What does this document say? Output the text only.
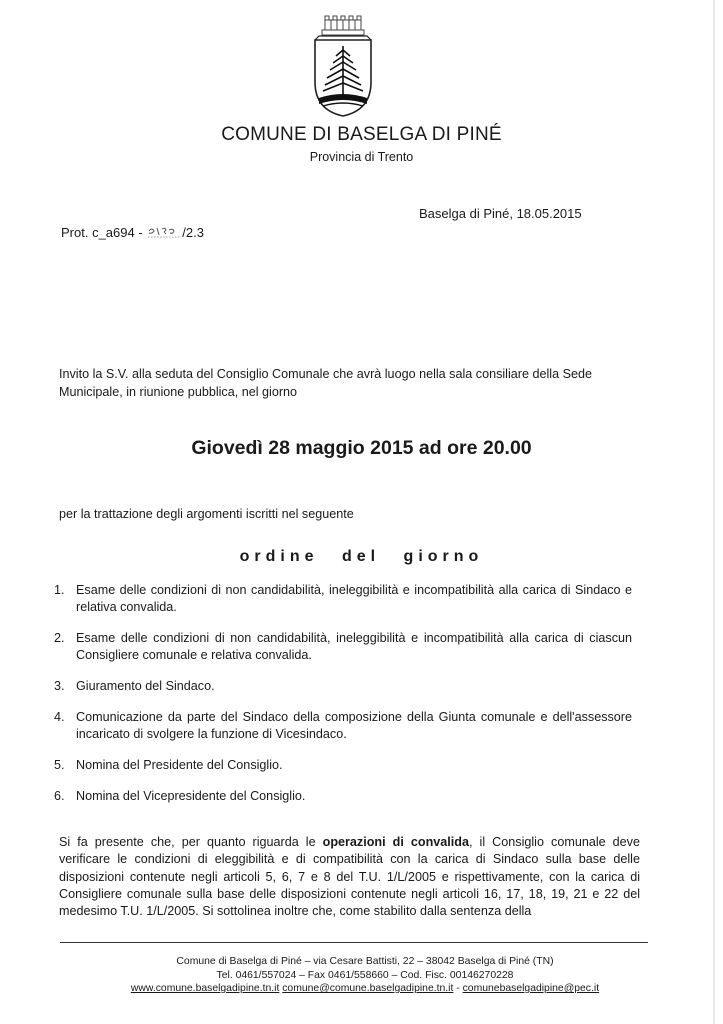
COMUNE DI BASELGA DI PINÉ
Provincia di Trento
Baselga di Piné, 18.05.2015
Prot. c_a694 -	/2.3
Invito la S.V. alla seduta del Consiglio Comunale che avrà luogo nella sala consiliare della Sede Municipale, in riunione pubblica, nel giorno
Giovedì 28 maggio 2015 ad ore 20.00
per la trattazione degli argomenti iscritti nel seguente
ordine del giorno
1. Esame delle condizioni di non candidabilità, ineleggibilità e incompatibilità alla carica di Sindaco e relativa convalida.
2. Esame delle condizioni di non candidabilità, ineleggibilità e incompatibilità alla carica di ciascun Consigliere comunale e relativa convalida.
3. Giuramento del Sindaco.
4. Comunicazione da parte del Sindaco della composizione della Giunta comunale e dell'assessore incaricato di svolgere la funzione di Vicesindaco.
5. Nomina del Presidente del Consiglio.
6. Nomina del Vicepresidente del Consiglio.
Si fa presente che, per quanto riguarda le operazioni di convalida, il Consiglio comunale deve verificare le condizioni di eleggibilità e di compatibilità con la carica di Sindaco sulla base delle disposizioni contenute negli articoli 5, 6, 7 e 8 del T.U. 1/L/2005 e rispettivamente, con la carica di Consigliere comunale sulla base delle disposizioni contenute negli articoli 16, 17, 18, 19, 21 e 22 del medesimo T.U. 1/L/2005. Si sottolinea inoltre che, come stabilito dalla sentenza della
Comune di Baselga di Piné – via Cesare Battisti, 22 – 38042 Baselga di Piné (TN)
Tel. 0461/557024 – Fax 0461/558660 – Cod. Fisc. 00146270228
www.comune.baselgadipine.tn.it comune@comune.baselgadipine.tn.it - comunebaselgadipine@pec.it
